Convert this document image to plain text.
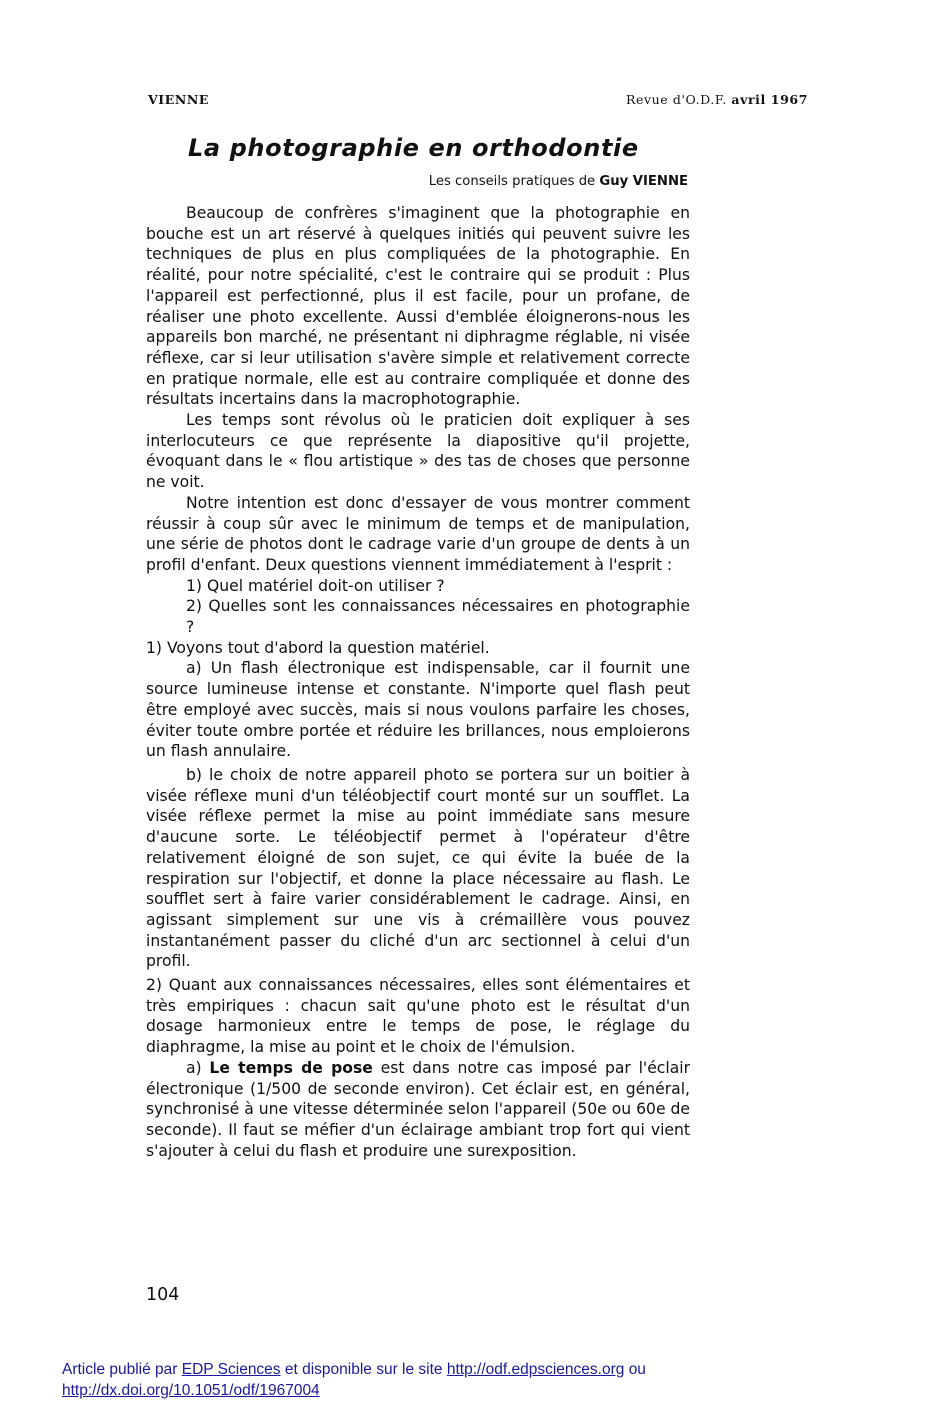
VIENNE	Revue d'O.D.F. avril 1967
La photographie en orthodontie
Les conseils pratiques de Guy VIENNE

Beaucoup de confrères s'imaginent que la photographie en bouche est un art réservé à quelques initiés qui peuvent suivre les techniques de plus en plus compliquées de la photographie. En réalité, pour notre spécialité, c'est le contraire qui se produit : Plus l'appareil est perfectionné, plus il est facile, pour un profane, de réaliser une photo excellente. Aussi d'emblée éloignerons-nous les appareils bon marché, ne présentant ni diphragme réglable, ni visée réflexe, car si leur utilisation s'avère simple et relativement correcte en pratique normale, elle est au contraire compliquée et donne des résultats incertains dans la macrophotographie.

Les temps sont révolus où le praticien doit expliquer à ses interlocuteurs ce que représente la diapositive qu'il projette, évoquant dans le « flou artistique » des tas de choses que personne ne voit.

Notre intention est donc d'essayer de vous montrer comment réussir à coup sûr avec le minimum de temps et de manipulation, une série de photos dont le cadrage varie d'un groupe de dents à un profil d'enfant. Deux questions viennent immédiatement à l'esprit :

1) Quel matériel doit-on utiliser ?

2) Quelles sont les connaissances nécessaires en photographie ?

1) Voyons tout d'abord la question matériel.

a) Un flash électronique est indispensable, car il fournit une source lumineuse intense et constante. N'importe quel flash peut être employé avec succès, mais si nous voulons parfaire les choses, éviter toute ombre portée et réduire les brillances, nous emploierons un flash annulaire.

b) le choix de notre appareil photo se portera sur un boitier à visée réflexe muni d'un téléobjectif court monté sur un soufflet. La visée réflexe permet la mise au point immédiate sans mesure d'aucune sorte. Le téléobjectif permet à l'opérateur d'être relativement éloigné de son sujet, ce qui évite la buée de la respiration sur l'objectif, et donne la place nécessaire au flash. Le soufflet sert à faire varier considérablement le cadrage. Ainsi, en agissant simplement sur une vis à crémaillère vous pouvez instantanément passer du cliché d'un arc sectionnel à celui d'un profil.

2) Quant aux connaissances nécessaires, elles sont élémentaires et très empiriques : chacun sait qu'une photo est le résultat d'un dosage harmonieux entre le temps de pose, le réglage du diaphragme, la mise au point et le choix de l'émulsion.

a) Le temps de pose est dans notre cas imposé par l'éclair électronique (1/500 de seconde environ). Cet éclair est, en général, synchronisé à une vitesse déterminée selon l'appareil (50e ou 60e de seconde). Il faut se méfier d'un éclairage ambiant trop fort qui vient s'ajouter à celui du flash et produire une surexposition.

104
Article publié par EDP Sciences et disponible sur le site http://odf.edpsciences.org ou
http://dx.doi.org/10.1051/odf/1967004
